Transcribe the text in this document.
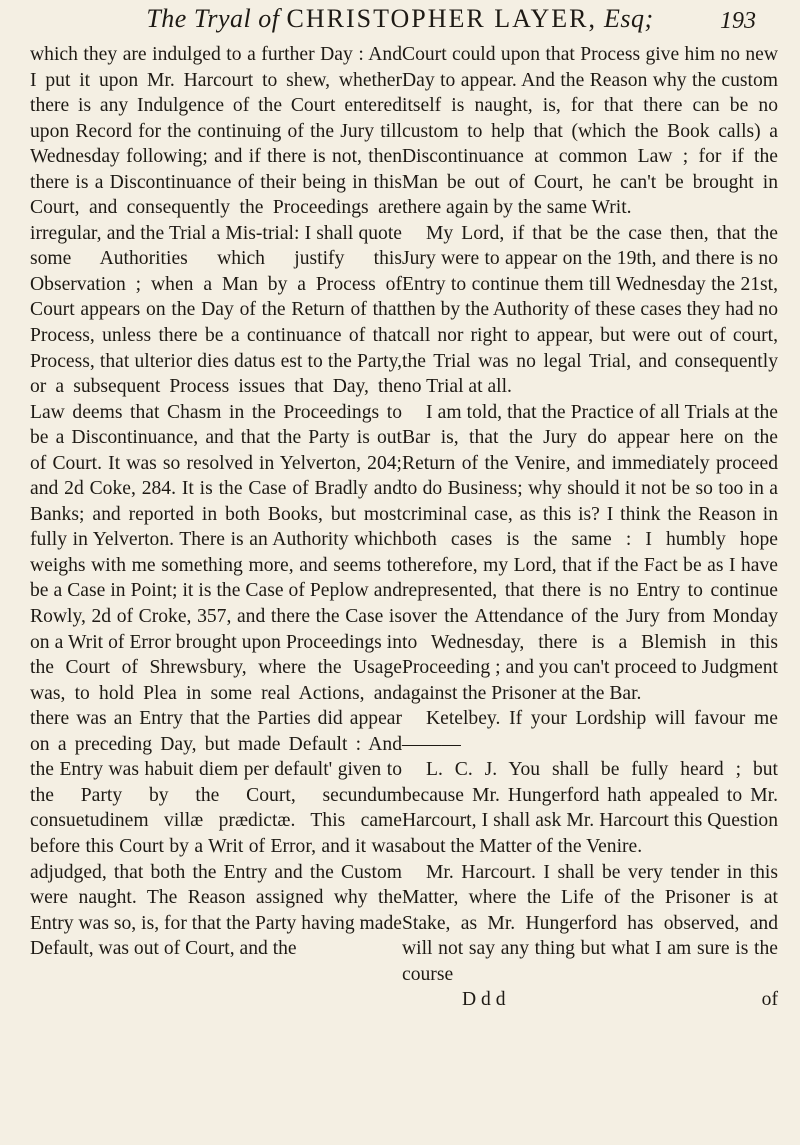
The Tryal of CHRISTOPHER LAYER, Esq;	193

which they are indulged to a further Day : And I put it upon Mr. Harcourt to shew, whether there is any Indulgence of the Court entered upon Record for the continuing of the Jury till Wednesday following; and if there is not, then there is a Discontinuance of their being in this Court, and consequently the Proceedings are irregular, and the Trial a Mis-trial: I shall quote some Authorities which justify this Observation ; when a Man by a Process of Court appears on the Day of the Return of that Process, unless there be a continuance of that Process, that ulterior dies datus est to the Party, or a subsequent Process issues that Day, the Law deems that Chasm in the Proceedings to be a Discontinuance, and that the Party is out of Court. It was so resolved in Yelverton, 204; and 2d Coke, 284. It is the Case of Bradly and Banks; and reported in both Books, but most fully in Yelverton. There is an Authority which weighs with me something more, and seems to be a Case in Point; it is the Case of Peplow and Rowly, 2d of Croke, 357, and there the Case is on a Writ of Error brought upon Proceedings in the Court of Shrewsbury, where the Usage was, to hold Plea in some real Actions, and there was an Entry that the Parties did appear on a preceding Day, but made Default : And the Entry was habuit diem per default' given to the Party by the Court, secundum consuetudinem villæ prædictæ. This came before this Court by a Writ of Error, and it was adjudged, that both the Entry and the Custom were naught. The Reason assigned why the Entry was so, is, for that the Party having made Default, was out of Court, and the

Court could upon that Process give him no new Day to appear. And the Reason why the custom itself is naught, is, for that there can be no custom to help that (which the Book calls) a Discontinuance at common Law ; for if the Man be out of Court, he can't be brought in there again by the same Writ.

My Lord, if that be the case then, that the Jury were to appear on the 19th, and there is no Entry to continue them till Wednesday the 21st, then by the Authority of these cases they had no call nor right to appear, but were out of court, the Trial was no legal Trial, and consequently no Trial at all.

I am told, that the Practice of all Trials at the Bar is, that the Jury do appear here on the Return of the Venire, and immediately proceed to do Business; why should it not be so too in a criminal case, as this is? I think the Reason in both cases is the same : I humbly hope therefore, my Lord, that if the Fact be as I have represented, that there is no Entry to continue over the Attendance of the Jury from Monday to Wednesday, there is a Blemish in this Proceeding ; and you can't proceed to Judgment against the Prisoner at the Bar.

Ketelbey. If your Lordship will favour me———

L. C. J. You shall be fully heard ; but because Mr. Hungerford hath appealed to Mr. Harcourt, I shall ask Mr. Harcourt this Question about the Matter of the Venire.

Mr. Harcourt. I shall be very tender in this Matter, where the Life of the Prisoner is at Stake, as Mr. Hungerford has observed, and will not say any thing but what I am sure is the course

D d d	of
